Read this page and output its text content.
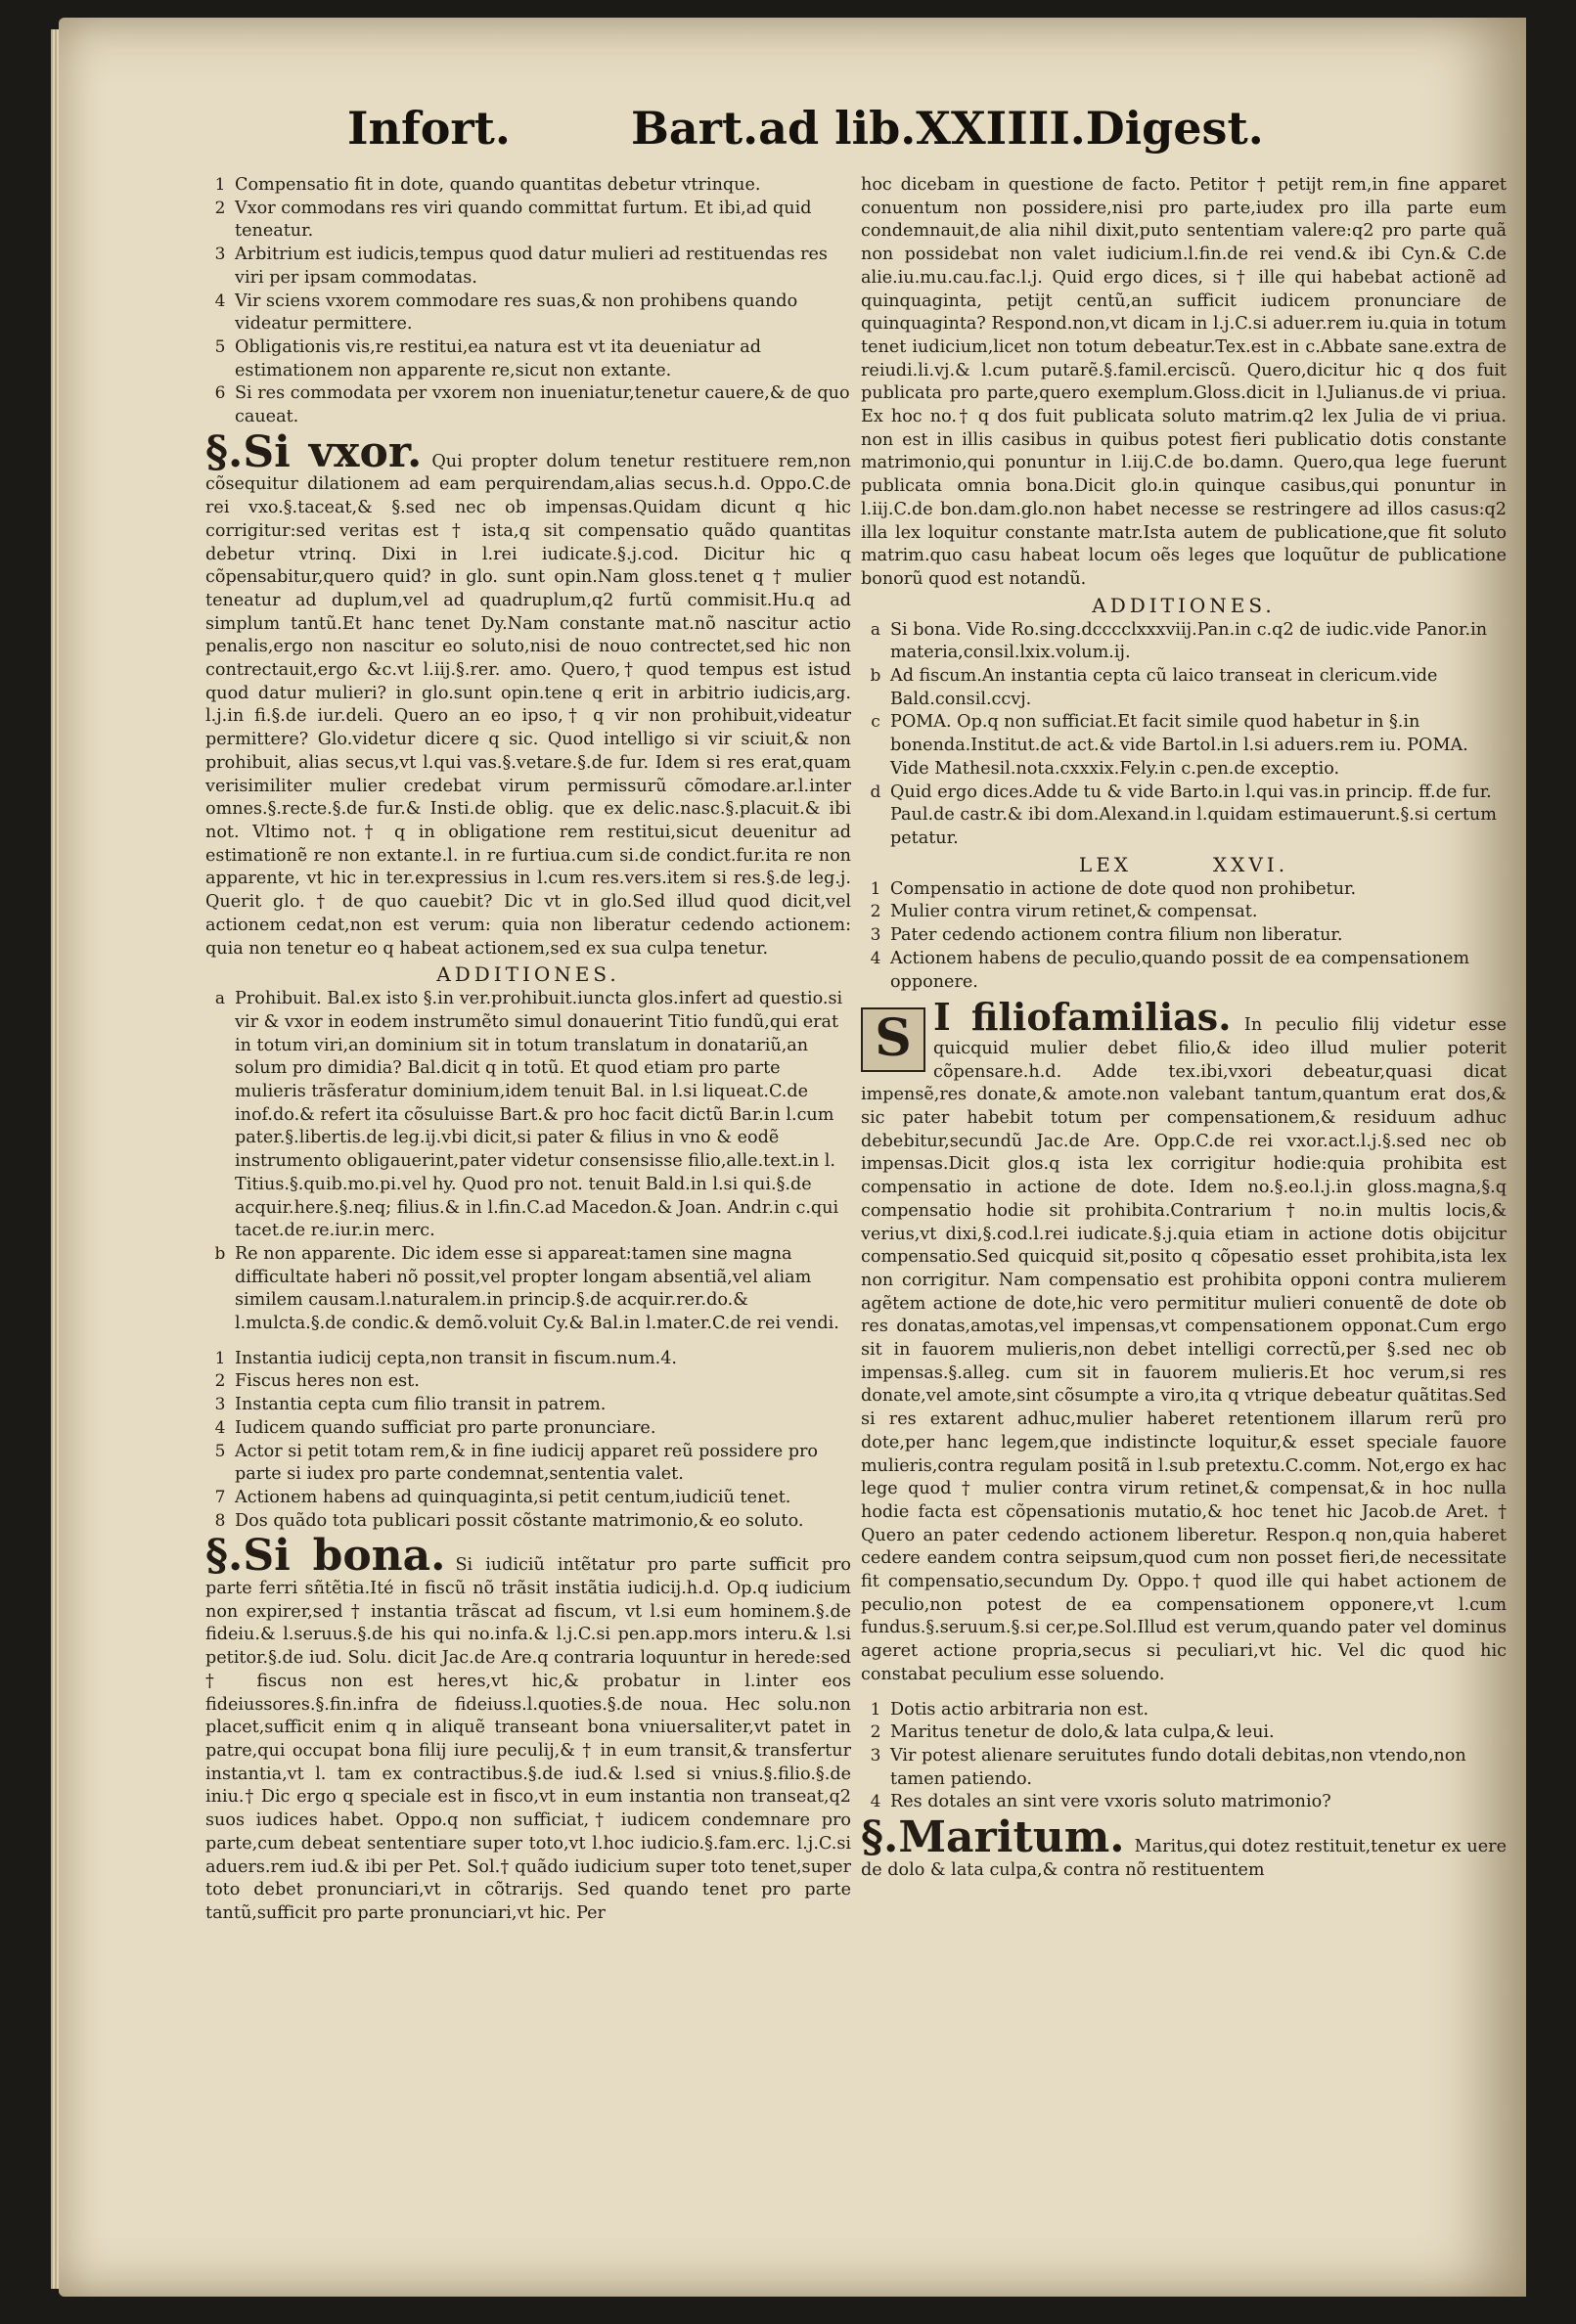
Infort.	Bart.ad lib.XXIIII.Digest.
1 Compensatio fit in dote, quando quantitas debetur vtrinque.
2 Vxor commodans res viri quando committat furtum. Et ibi,ad quid teneatur.
3 Arbitrium est iudicis,tempus quod datur mulieri ad restituendas res viri per ipsam commodatas.
4 Vir sciens vxorem commodare res suas,& non prohibens quando videatur permittere.
5 Obligationis vis,re restitui,ea natura est vt ita deueniatur ad estimationem non apparente re,sicut non extante.
6 Si res commodata per vxorem non inueniatur,tenetur cauere,& de quo caueat.

§.Si vxor. Qui propter dolum tenetur restituere rem,non cõsequitur dilationem ad eam perquirendam,alias secus.h.d. Oppo.C.de rei vxo.§.taceat,& §.sed nec ob impensas.Quidam dicunt q hic corrigitur:sed veritas est † ista,q sit compensatio quãdo quantitas debetur vtrinq. Dixi in l.rei iudicate.§.j.cod. Dicitur hic q cõpensabitur,quero quid? in glo. sunt opin.Nam gloss.tenet q † mulier teneatur ad duplum,vel ad quadruplum,q2 furtũ commisit.Hu.q ad simplum tantũ.Et hanc tenet Dy.Nam constante mat.nõ nascitur actio penalis,ergo non nascitur eo soluto,nisi de nouo contrectet,sed hic non contrectauit,ergo &c.vt l.iij.§.rer. amo. Quero,† quod tempus est istud quod datur mulieri? in glo.sunt opin.tene q erit in arbitrio iudicis,arg. l.j.in fi.§.de iur.deli. Quero an eo ipso,† q vir non prohibuit,videatur permittere? Glo.videtur dicere q sic. Quod intelligo si vir sciuit,& non prohibuit, alias secus,vt l.qui vas.§.vetare.§.de fur. Idem si res erat,quam verisimiliter mulier credebat virum permissurũ cõmodare.ar.l.inter omnes.§.recte.§.de fur.& Insti.de oblig. que ex delic.nasc.§.placuit.& ibi not. Vltimo not.† q in obligatione rem restitui,sicut deuenitur ad estimationẽ re non extante.l. in re furtiua.cum si.de condict.fur.ita re non apparente, vt hic in ter.expressius in l.cum res.vers.item si res.§.de leg.j. Querit glo. † de quo cauebit? Dic vt in glo.Sed illud quod dicit,vel actionem cedat,non est verum: quia non liberatur cedendo actionem: quia non tenetur eo q habeat actionem,sed ex sua culpa tenetur.

ADDITIONES.
a Prohibuit. Bal.ex isto §.in ver.prohibuit.iuncta glos.infert ad questio.si vir & vxor in eodem instrumẽto simul donauerint Titio fundũ,qui erat in totum viri,an dominium sit in totum translatum in donatariũ,an solum pro dimidia? Bal.dicit q in totũ. Et quod etiam pro parte mulieris trãsferatur dominium,idem tenuit Bal. in l.si liqueat.C.de inof.do.& refert ita cõsuluisse Bart.& pro hoc facit dictũ Bar.in l.cum pater.§.libertis.de leg.ij.vbi dicit,si pater & filius in vno & eodẽ instrumento obligauerint,pater videtur consensisse filio,alle.text.in l. Titius.§.quib.mo.pi.vel hy. Quod pro not. tenuit Bald.in l.si qui.§.de acquir.here.§.neq; filius.& in l.fin.C.ad Macedon.& Joan. Andr.in c.qui tacet.de re.iur.in merc.
b Re non apparente. Dic idem esse si appareat:tamen sine magna difficultate haberi nõ possit,vel propter longam absentiã,vel aliam similem causam.l.naturalem.in princip.§.de acquir.rer.do.& l.mulcta.§.de condic.& demõ.voluit Cy.& Bal.in l.mater.C.de rei vendi.
1 Instantia iudicij cepta,non transit in fiscum.num.4.
2 Fiscus heres non est.
3 Instantia cepta cum filio transit in patrem.
4 Iudicem quando sufficiat pro parte pronunciare.
5 Actor si petit totam rem,& in fine iudicij apparet reũ possidere pro parte si iudex pro parte condemnat,sententia valet.
7 Actionem habens ad quinquaginta,si petit centum,iudiciũ tenet.
8 Dos quãdo tota publicari possit cõstante matrimonio,& eo soluto.

§.Si bona. Si iudiciũ intẽtatur pro parte sufficit pro parte ferri sñtẽtia.Ité in fiscũ nõ trãsit instãtia iudicij.h.d. Op.q iudicium non expirer,sed † instantia trãscat ad fiscum, vt l.si eum hominem.§.de fideiu.& l.seruus.§.de his qui no.infa.& l.j.C.si pen.app.mors interu.& l.si petitor.§.de iud. Solu. dicit Jac.de Are.q contraria loquuntur in herede:sed † fiscus non est heres,vt hic,& probatur in l.inter eos fideiussores.§.fin.infra de fideiuss.l.quoties.§.de noua. Hec solu.non placet,sufficit enim q in aliquẽ transeant bona vniuersaliter,vt patet in patre,qui occupat bona filij iure peculij,& † in eum transit,& transfertur instantia,vt l. tam ex contractibus.§.de iud.& l.sed si vnius.§.filio.§.de iniu.† Dic ergo q speciale est in fisco,vt in eum instantia non transeat,q2 suos iudices habet. Oppo.q non sufficiat,† iudicem condemnare pro parte,cum debeat sententiare super toto,vt l.hoc iudicio.§.fam.erc. l.j.C.si aduers.rem iud.& ibi per Pet. Sol.† quãdo iudicium super toto tenet,super toto debet pronunciari,vt in cõtrarijs. Sed quando tenet pro parte tantũ,sufficit pro parte pronunciari,vt hic. Per

hoc dicebam in questione de facto. Petitor † petijt rem,in fine apparet conuentum non possidere,nisi pro parte,iudex pro illa parte eum condemnauit,de alia nihil dixit,puto sententiam valere:q2 pro parte quã non possidebat non valet iudicium.l.fin.de rei vend.& ibi Cyn.& C.de alie.iu.mu.cau.fac.l.j. Quid ergo dices, si † ille qui habebat actionẽ ad quinquaginta, petijt centũ,an sufficit iudicem pronunciare de quinquaginta? Respond.non,vt dicam in l.j.C.si aduer.rem iu.quia in totum tenet iudicium,licet non totum debeatur.Tex.est in c.Abbate sane.extra de reiudi.li.vj.& l.cum putarẽ.§.famil.erciscũ. Quero,dicitur hic q dos fuit publicata pro parte,quero exemplum.Gloss.dicit in l.Julianus.de vi priua. Ex hoc no.† q dos fuit publicata soluto matrim.q2 lex Julia de vi priua. non est in illis casibus in quibus potest fieri publicatio dotis constante matrimonio,qui ponuntur in l.iij.C.de bo.damn. Quero,qua lege fuerunt publicata omnia bona.Dicit glo.in quinque casibus,qui ponuntur in l.iij.C.de bon.dam.glo.non habet necesse se restringere ad illos casus:q2 illa lex loquitur constante matr.Ista autem de publicatione,que fit soluto matrim.quo casu habeat locum oẽs leges que loquũtur de publicatione bonorũ quod est notandũ.

ADDITIONES.
a Si bona. Vide Ro.sing.dcccclxxxviij.Pan.in c.q2 de iudic.vide Panor.in materia,consil.lxix.volum.ij.
b Ad fiscum.An instantia cepta cũ laico transeat in clericum.vide Bald.consil.ccvj.
c POMA. Op.q non sufficiat.Et facit simile quod habetur in §.in bonenda.Institut.de act.& vide Bartol.in l.si aduers.rem iu. POMA. Vide Mathesil.nota.cxxxix.Fely.in c.pen.de exceptio.
d Quid ergo dices.Adde tu & vide Barto.in l.qui vas.in princip. ff.de fur. Paul.de castr.& ibi dom.Alexand.in l.quidam estimauerunt.§.si certum petatur.
LEX	XXVI.
1 Compensatio in actione de dote quod non prohibetur.
2 Mulier contra virum retinet,& compensat.
3 Pater cedendo actionem contra filium non liberatur.
4 Actionem habens de peculio,quando possit de ea compensationem opponere.

S I filiofamilias. In peculio filij videtur esse quicquid mulier debet filio,& ideo illud mulier poterit cõpensare.h.d. Adde tex.ibi,vxori debeatur,quasi dicat impensẽ,res donate,& amote.non valebant tantum,quantum erat dos,& sic pater habebit totum per compensationem,& residuum adhuc debebitur,secundũ Jac.de Are. Opp.C.de rei vxor.act.l.j.§.sed nec ob impensas.Dicit glos.q ista lex corrigitur hodie:quia prohibita est compensatio in actione de dote. Idem no.§.eo.l.j.in gloss.magna,§.q compensatio hodie sit prohibita.Contrarium † no.in multis locis,& verius,vt dixi,§.cod.l.rei iudicate.§.j.quia etiam in actione dotis obijcitur compensatio.Sed quicquid sit,posito q cõpesatio esset prohibita,ista lex non corrigitur. Nam compensatio est prohibita opponi contra mulierem agẽtem actione de dote,hic vero permititur mulieri conuentẽ de dote ob res donatas,amotas,vel impensas,vt compensationem opponat.Cum ergo sit in fauorem mulieris,non debet intelligi correctũ,per §.sed nec ob impensas.§.alleg. cum sit in fauorem mulieris.Et hoc verum,si res donate,vel amote,sint cõsumpte a viro,ita q vtrique debeatur quãtitas.Sed si res extarent adhuc,mulier haberet retentionem illarum rerũ pro dote,per hanc legem,que indistincte loquitur,& esset speciale fauore mulieris,contra regulam positã in l.sub pretextu.C.comm. Not,ergo ex hac lege quod † mulier contra virum retinet,& compensat,& in hoc nulla hodie facta est cõpensationis mutatio,& hoc tenet hic Jacob.de Aret. † Quero an pater cedendo actionem liberetur. Respon.q non,quia haberet cedere eandem contra seipsum,quod cum non posset fieri,de necessitate fit compensatio,secundum Dy. Oppo.† quod ille qui habet actionem de peculio,non potest de ea compensationem opponere,vt l.cum fundus.§.seruum.§.si cer,pe.Sol.Illud est verum,quando pater vel dominus ageret actione propria,secus si peculiari,vt hic. Vel dic quod hic constabat peculium esse soluendo.

1 Dotis actio arbitraria non est.
2 Maritus tenetur de dolo,& lata culpa,& leui.
3 Vir potest alienare seruitutes fundo dotali debitas,non vtendo,non tamen patiendo.
4 Res dotales an sint vere vxoris soluto matrimonio?

§.Maritum. Maritus,qui dotez restituit,tenetur ex uere de dolo & lata culpa,& contra nõ restituentem
